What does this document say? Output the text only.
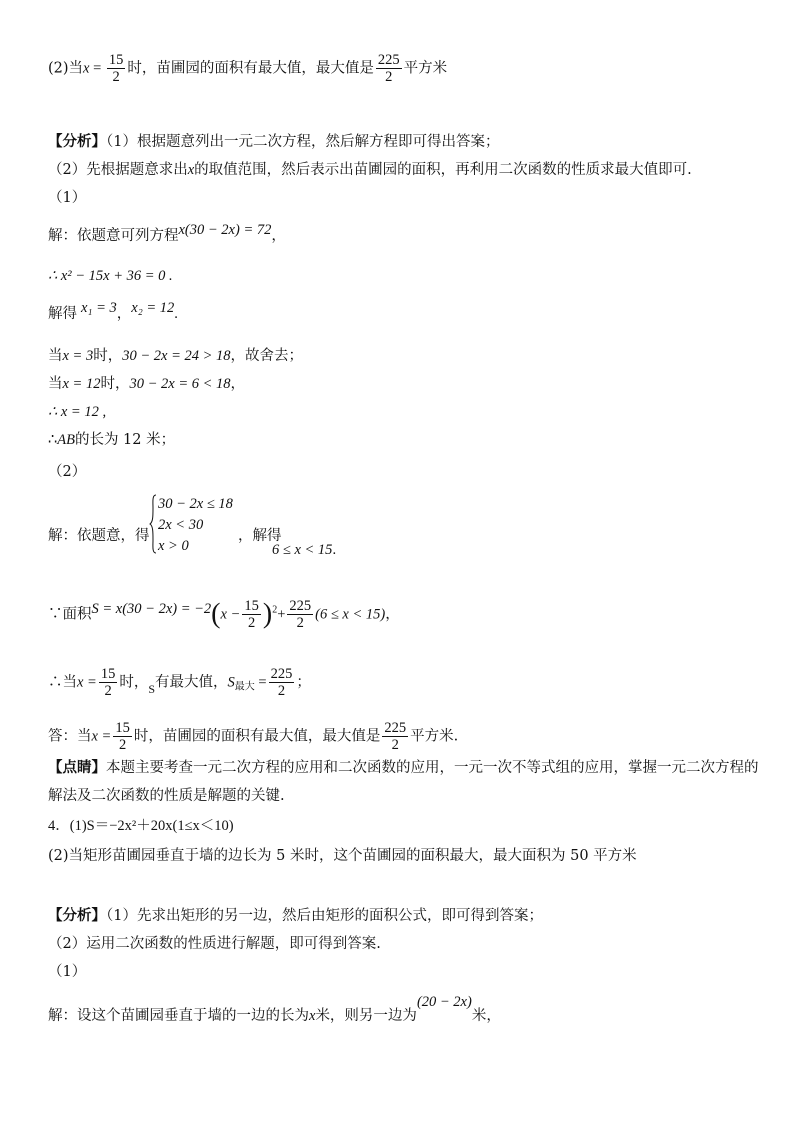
(2)当$x = \frac{15}{2}$ 时，苗圃园的面积有最大值，最大值是 $\frac{225}{2}$ 平方米
【分析】（1）根据题意列出一元二次方程，然后解方程即可得出答案；
（2）先根据题意求出x的取值范围，然后表示出苗圃园的面积，再利用二次函数的性质求最大值即可.
（1）
解：依题意可列方程x(30 − 2x) = 72，
∴ x² − 15x + 36 = 0 .
解得 x₁ = 3，x₂ = 12.
当x = 3时，30 − 2x = 24 > 18，故舍去；
当x = 12时，30 − 2x = 6 < 18，
∴ x = 12 ,
∴AB的长为 12 米；
（2）
解：依题意，得
30 − 2x ≤ 18
2x < 30
x > 0
，解得
6 ≤ x < 15.
∵面积$S = x(30 - 2x) = -2(x - \frac{15}{2} )^2+ \frac{225}{2} (6 \le x < 15)$，
∴当$x = \frac{15}{2}$ 时，$_S$有最大值，$S_{最大} = \frac{225}{2}$ ；
答：当$x = \frac{15}{2}$ 时，苗圃园的面积有最大值，最大值是 $\frac{225}{2}$ 平方米.
【点睛】本题主要考查一元二次方程的应用和二次函数的应用，一元一次不等式组的应用，掌握一元二次方程的
解法及二次函数的性质是解题的关键.
4．(1)S＝−2x²＋20x(1≤x＜10)
(2)当矩形苗圃园垂直于墙的边长为 5 米时，这个苗圃园的面积最大，最大面积为 50 平方米
【分析】（1）先求出矩形的另一边，然后由矩形的面积公式，即可得到答案；
（2）运用二次函数的性质进行解题，即可得到答案.
（1）
解：设这个苗圃园垂直于墙的一边的长为x米，则另一边为(20 − 2x)米，
